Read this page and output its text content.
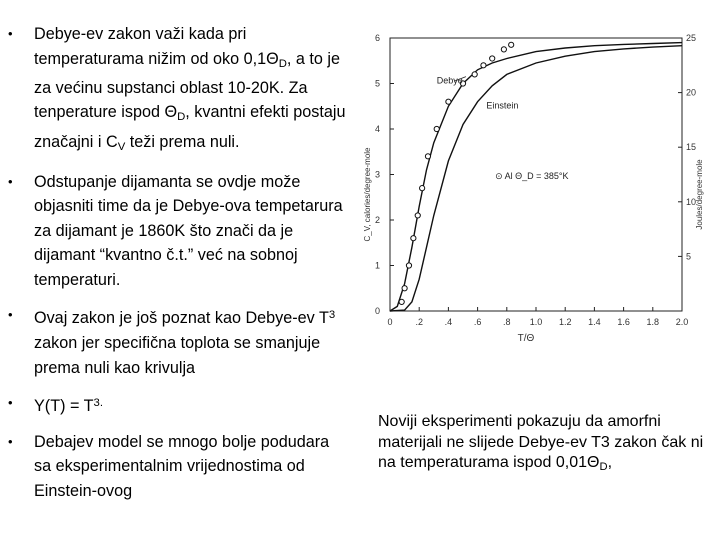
• Debye-ev zakon važi kada pri temperaturama nižim od oko $0,1\Theta_D$, a to je za većinu supstanci oblast 10-20K. Za tenperature ispod $\Theta_D$, kvantni efekti postaju značajni i $C_V$ teži prema nuli.
• Odstupanje dijamanta se ovdje može objasniti time da je Debye-ova tempetarura za dijamant je 1860K što znači da je dijamant “kvantno č.t.” već na sobnoj temperaturi.
• Ovaj zakon je još poznat kao Debye-ev $T^3$ zakon jer specifična toplota se smanjuje prema nuli kao krivulja
• $Y(T) = T^{3.}$
• Debajev model se mnogo bolje podudara sa eksperimentalnim vrijednostima od Einstein-ovog
0	.2 .4 .6 .8 1.0 1.2 1.4 1.6 1.8 2.0
T/Θ
0
1
2
3
4
5
6
5
10
15
20
25
C_V, calories/degree-mole	Joules/degree-mole
Debye
Einstein
⊙ Al Θ_D = 385°K
Noviji eksperimenti pokazuju da amorfni materijali ne slijede Debye-ev T3 zakon čak ni na temperaturama ispod $0,01\Theta_D$,
